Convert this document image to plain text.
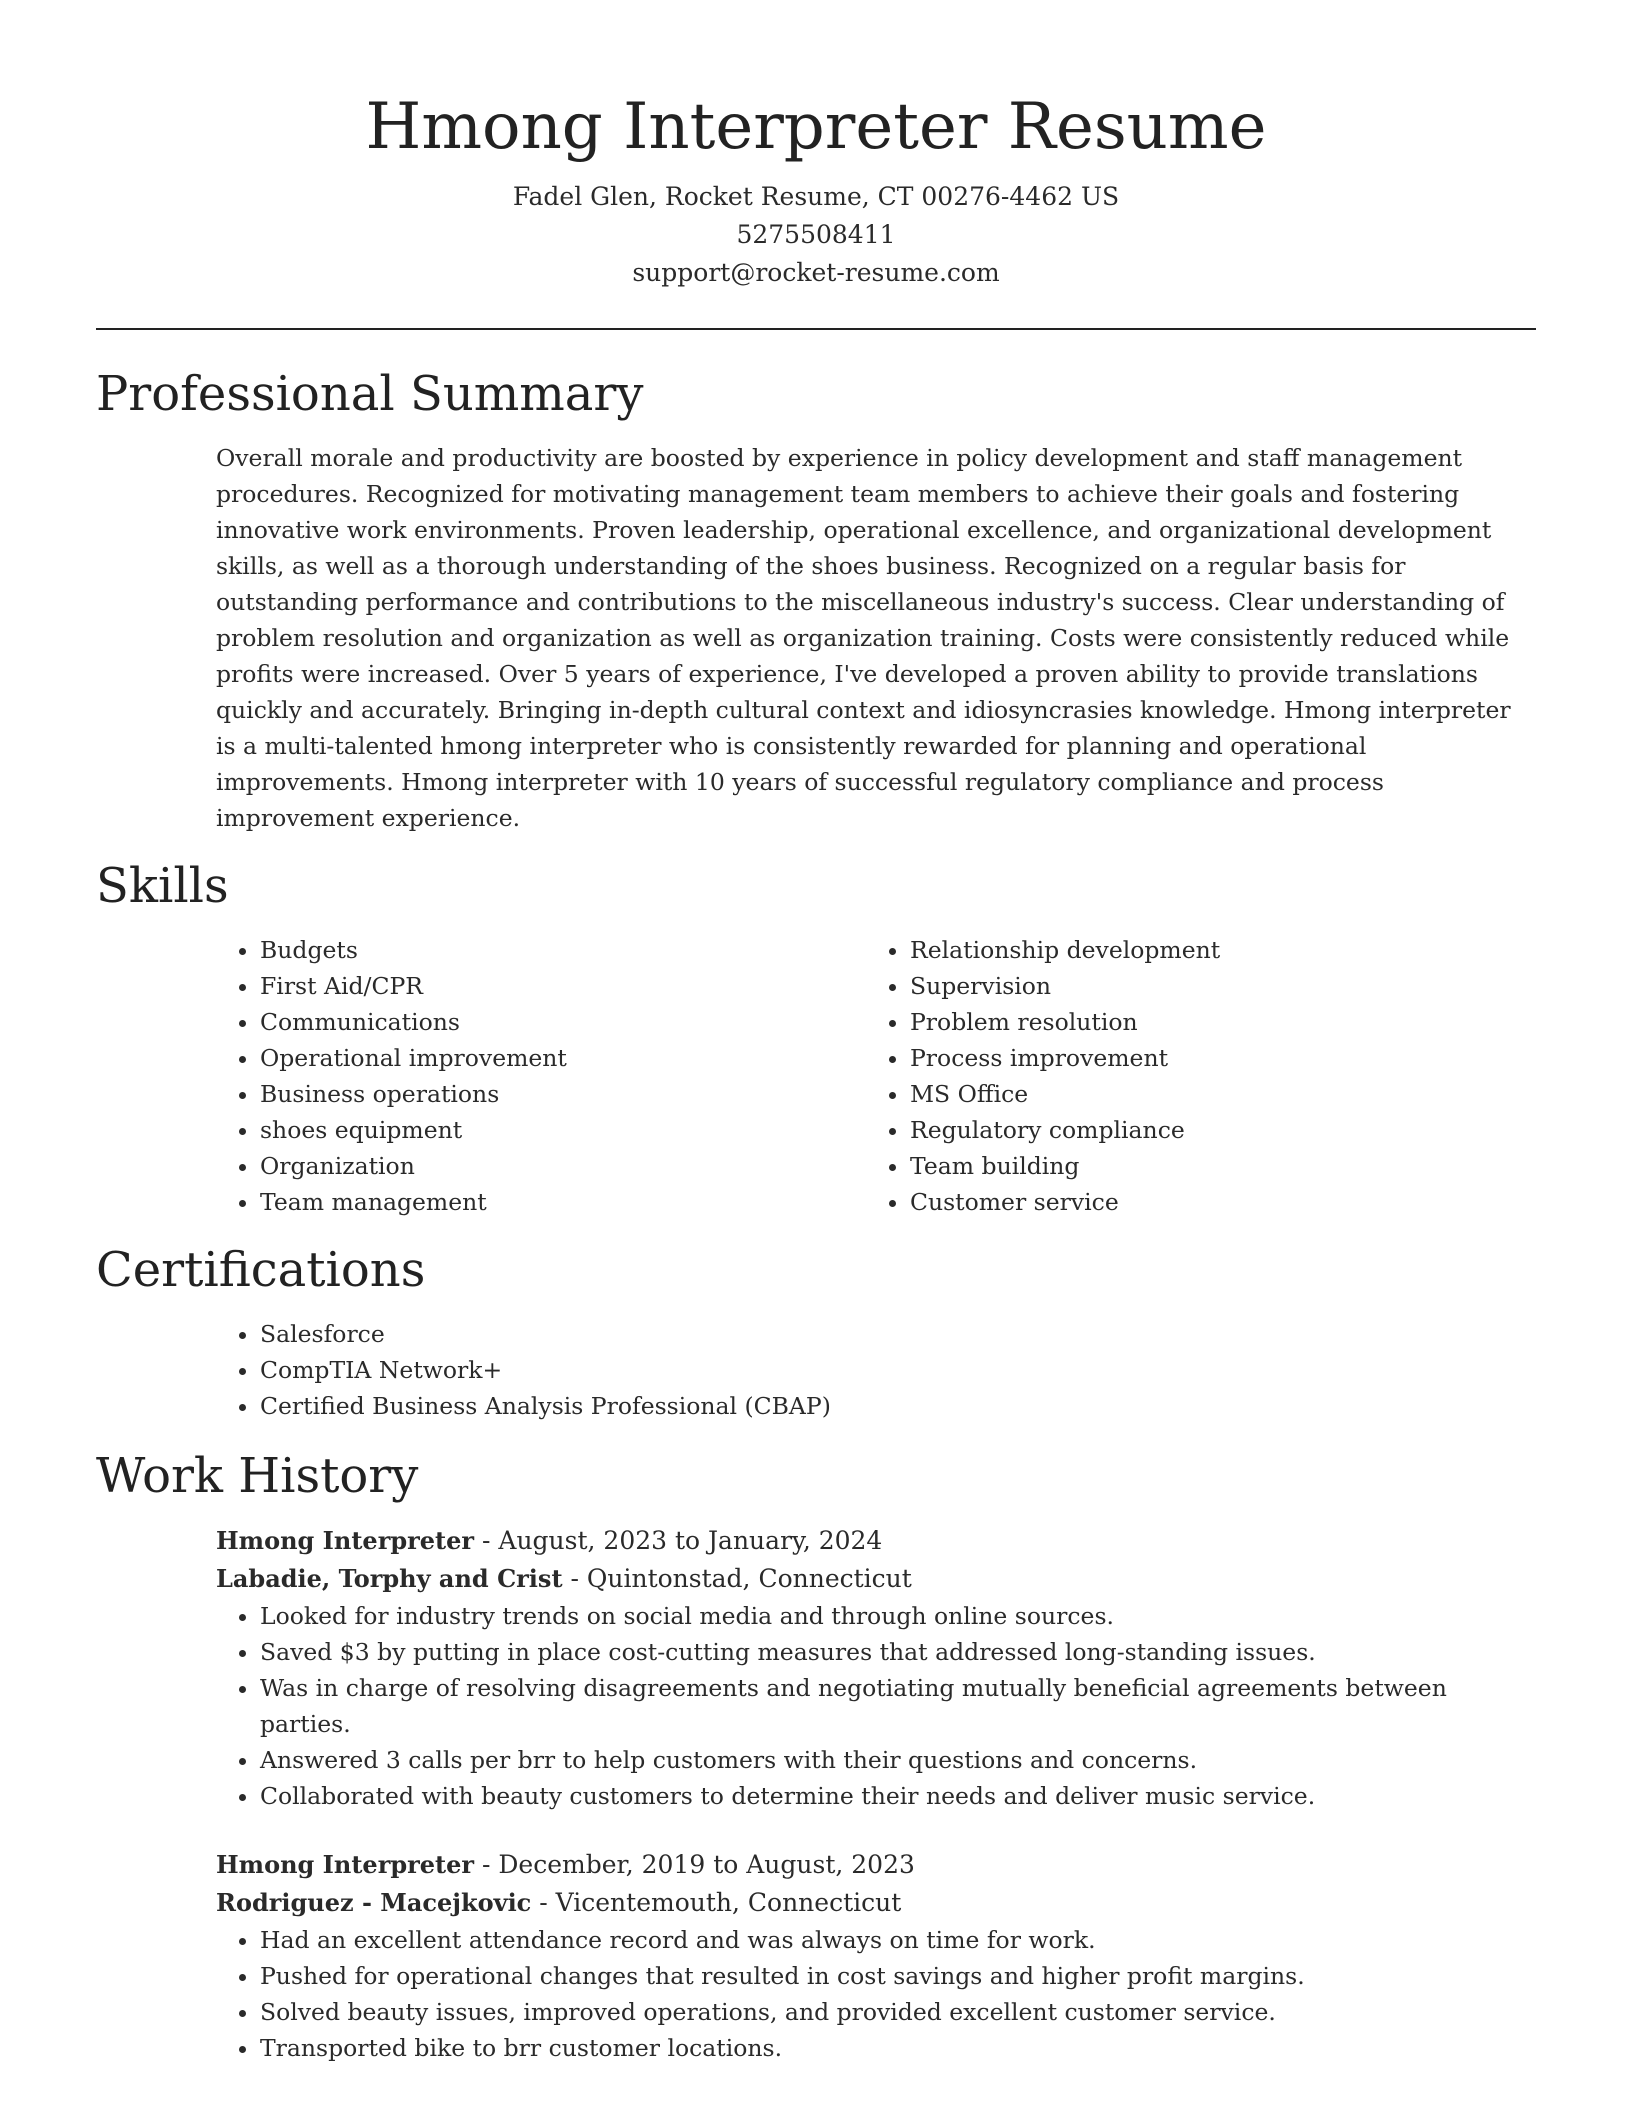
Hmong Interpreter Resume
Fadel Glen, Rocket Resume, CT 00276-4462 US
5275508411
support@rocket-resume.com
Professional Summary

Overall morale and productivity are boosted by experience in policy development and staff management procedures. Recognized for motivating management team members to achieve their goals and fostering innovative work environments. Proven leadership, operational excellence, and organizational development skills, as well as a thorough understanding of the shoes business. Recognized on a regular basis for outstanding performance and contributions to the miscellaneous industry's success. Clear understanding of problem resolution and organization as well as organization training. Costs were consistently reduced while profits were increased. Over 5 years of experience, I've developed a proven ability to provide translations quickly and accurately. Bringing in-depth cultural context and idiosyncrasies knowledge. Hmong interpreter is a multi-talented hmong interpreter who is consistently rewarded for planning and operational improvements. Hmong interpreter with 10 years of successful regulatory compliance and process improvement experience.

Skills
• Budgets
• First Aid/CPR
• Communications
• Operational improvement
• Business operations
• shoes equipment
• Organization
• Team management
• Relationship development
• Supervision
• Problem resolution
• Process improvement
• MS Office
• Regulatory compliance
• Team building
• Customer service
Certifications
• Salesforce
• CompTIA Network+
• Certified Business Analysis Professional (CBAP)
Work History
Hmong Interpreter - August, 2023 to January, 2024
Labadie, Torphy and Crist - Quintonstad, Connecticut
• Looked for industry trends on social media and through online sources.
• Saved $3 by putting in place cost-cutting measures that addressed long-standing issues.
• Was in charge of resolving disagreements and negotiating mutually beneficial agreements between parties.
• Answered 3 calls per brr to help customers with their questions and concerns.
• Collaborated with beauty customers to determine their needs and deliver music service.
Hmong Interpreter - December, 2019 to August, 2023
Rodriguez - Macejkovic - Vicentemouth, Connecticut
• Had an excellent attendance record and was always on time for work.
• Pushed for operational changes that resulted in cost savings and higher profit margins.
• Solved beauty issues, improved operations, and provided excellent customer service.
• Transported bike to brr customer locations.
